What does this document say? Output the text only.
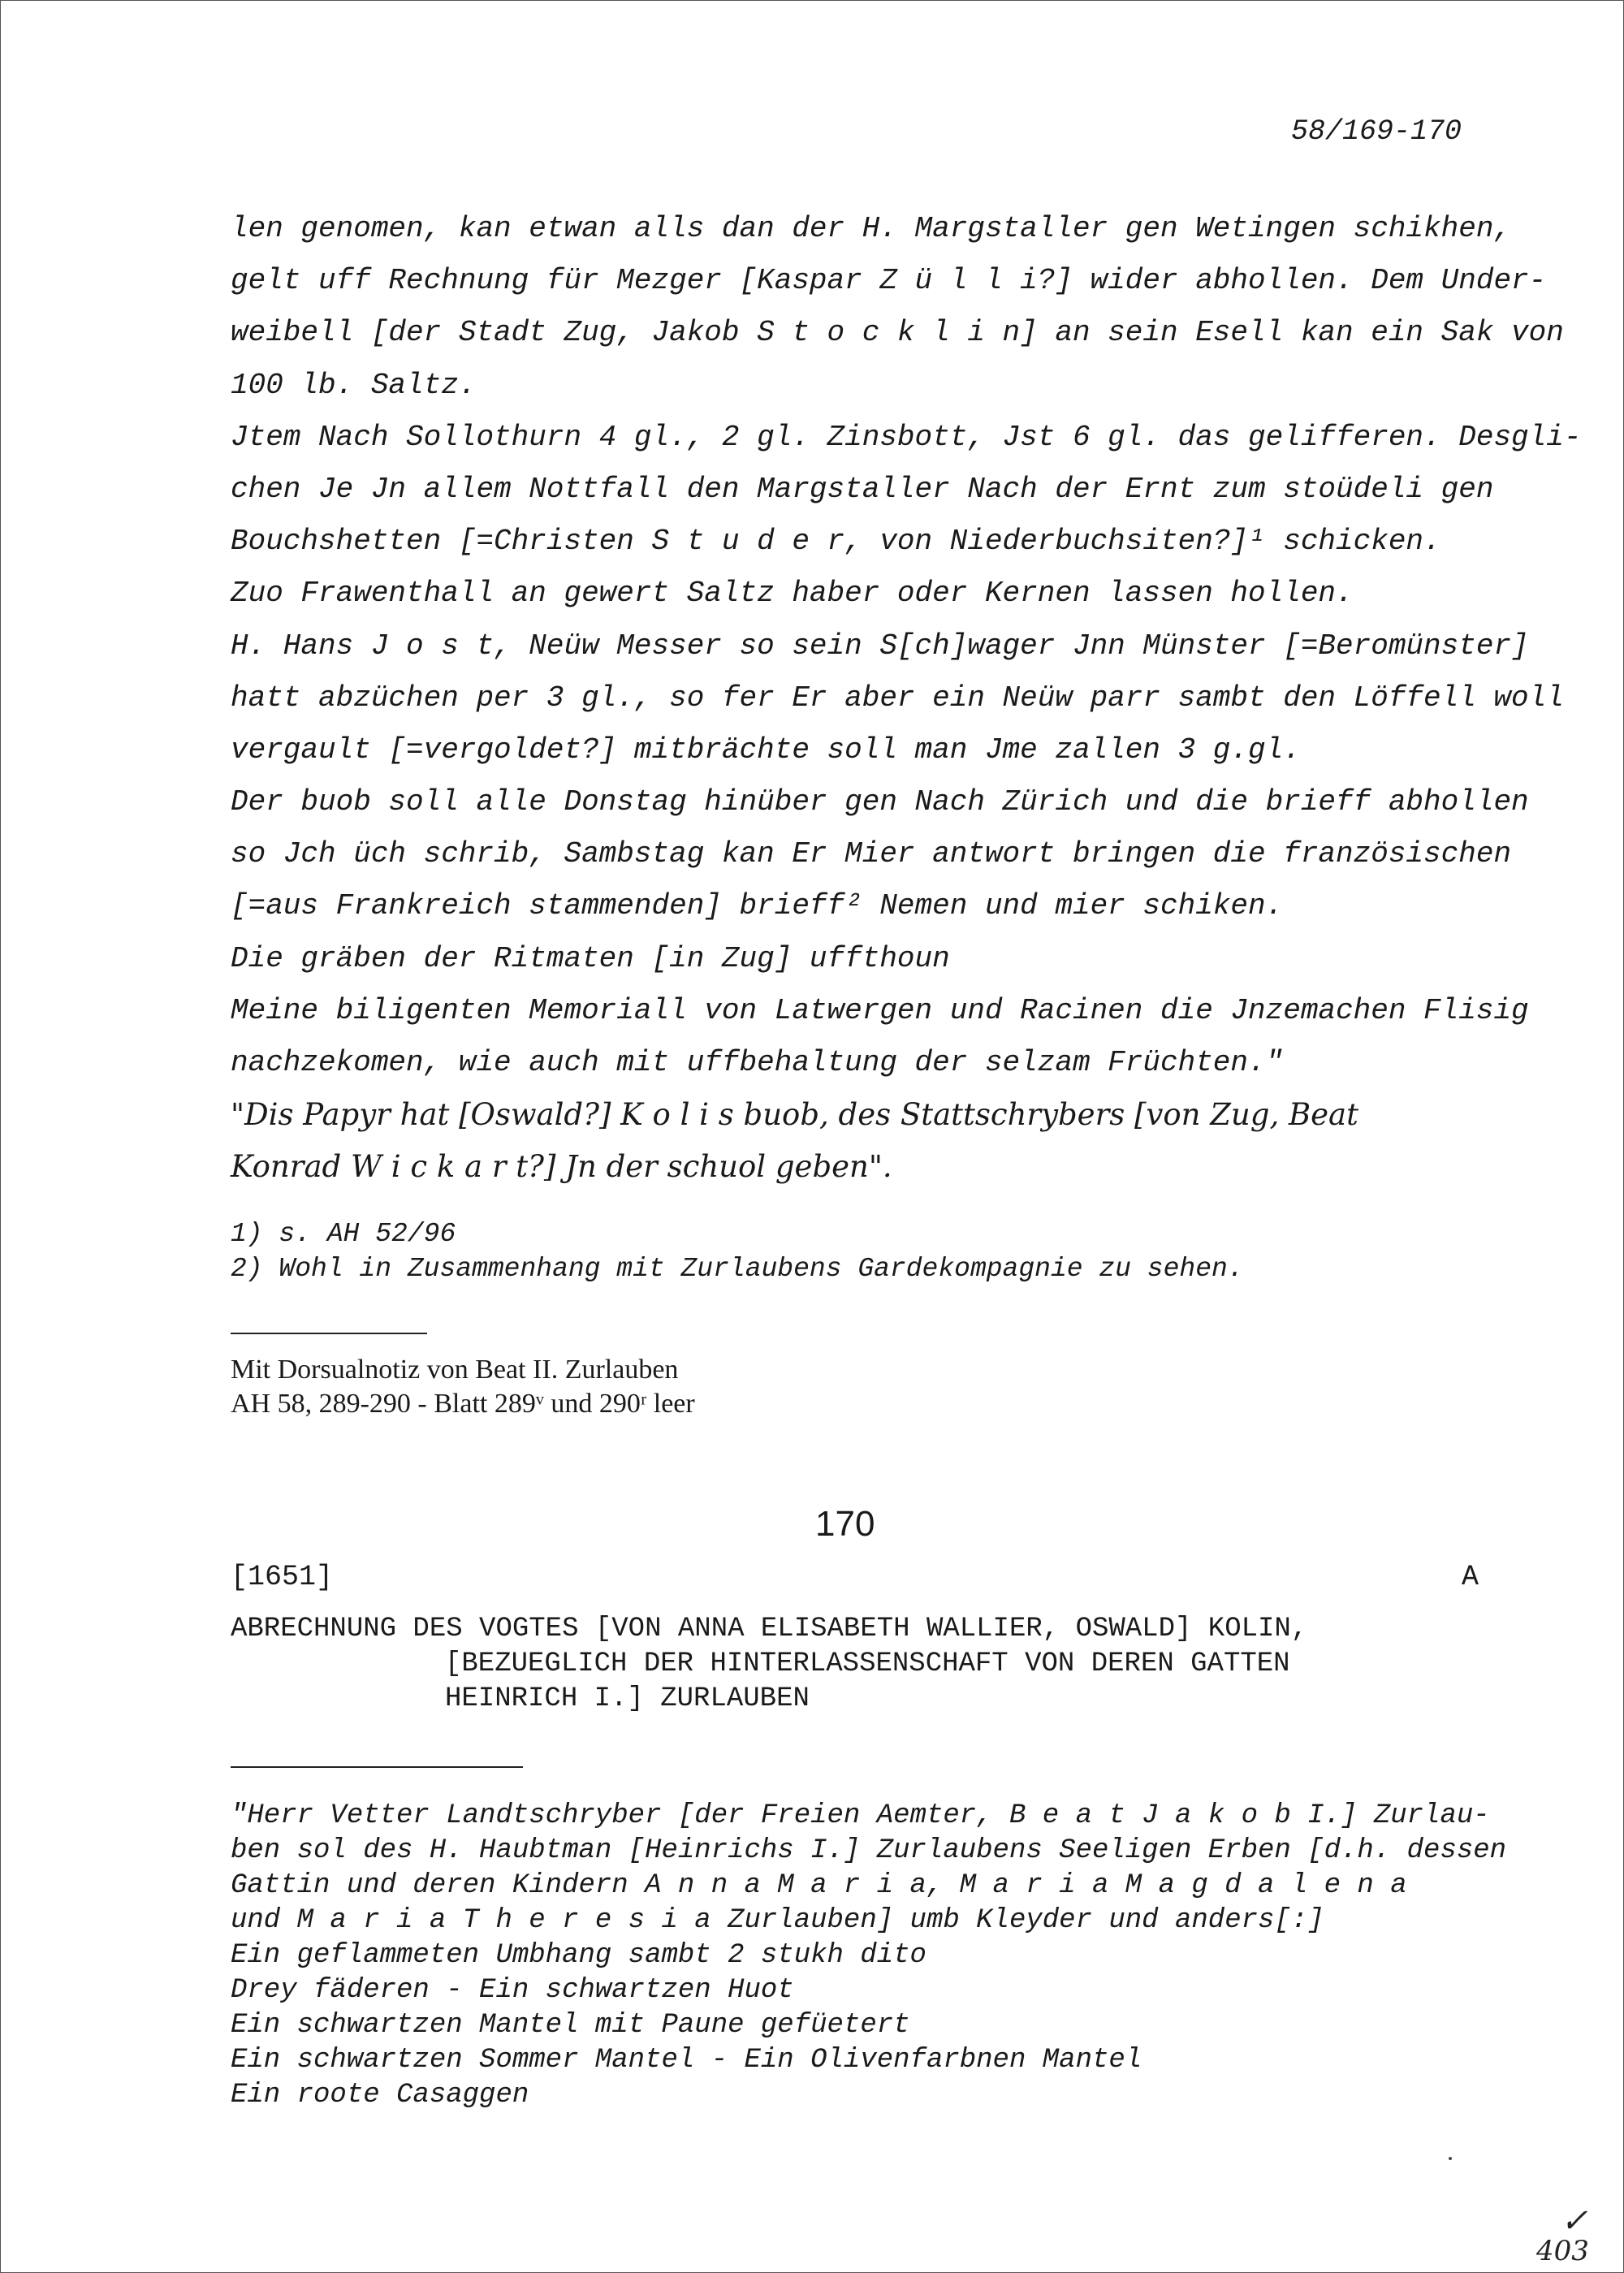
58/169-170
len genomen, kan etwan alls dan der H. Margstaller gen Wetingen schikhen,
gelt uff Rechnung für Mezger [Kaspar Z ü l l i?] wider abhollen. Dem Under-
weibell [der Stadt Zug, Jakob S t o c k l i n] an sein Esell kan ein Sak von
100 lb. Saltz.
Jtem Nach Sollothurn 4 gl., 2 gl. Zinsbott, Jst 6 gl. das gelifferen. Desgli-
chen Je Jn allem Nottfall den Margstaller Nach der Ernt zum stoüdeli gen
Bouchshetten [=Christen S t u d e r, von Niederbuchsiten?]¹ schicken.
Zuo Frawenthall an gewert Saltz haber oder Kernen lassen hollen.
H. Hans J o s t, Neüw Messer so sein S[ch]wager Jnn Münster [=Beromünster]
hatt abzüchen per 3 gl., so fer Er aber ein Neüw parr sambt den Löffell woll
vergault [=vergoldet?] mitbrächte soll man Jme zallen 3 g.gl.
Der buob soll alle Donstag hinüber gen Nach Zürich und die brieff abhollen
so Jch üch schrib, Sambstag kan Er Mier antwort bringen die französischen
[=aus Frankreich stammenden] brieff² Nemen und mier schiken.
Die gräben der Ritmaten [in Zug] uffthoun
Meine biligenten Memoriall von Latwergen und Racinen die Jnzemachen Flisig
nachzekomen, wie auch mit uffbehaltung der selzam Früchten."
"Dis Papyr hat [Oswald?] K o l i s buob, des Stattschrybers [von Zug, Beat
Konrad W i c k a r t?] Jn der schuol geben".
1) s. AH 52/96
2) Wohl in Zusammenhang mit Zurlaubens Gardekompagnie zu sehen.
Mit Dorsualnotiz von Beat II. Zurlauben
AH 58, 289-290 - Blatt 289ᵛ und 290ʳ leer
170
[1651]	A
ABRECHNUNG DES VOGTES [VON ANNA ELISABETH WALLIER, OSWALD] KOLIN,
[BEZUEGLICH DER HINTERLASSENSCHAFT VON DEREN GATTEN
HEINRICH I.] ZURLAUBEN
"Herr Vetter Landtschryber [der Freien Aemter, B e a t J a k o b I.] Zurlau-
ben sol des H. Haubtman [Heinrichs I.] Zurlaubens Seeligen Erben [d.h. dessen
Gattin und deren Kindern A n n a M a r i a, M a r i a M a g d a l e n a
und M a r i a T h e r e s i a Zurlauben] umb Kleyder und anders[:]
Ein geflammeten Umbhang sambt 2 stukh dito
Drey fäderen - Ein schwartzen Huot
Ein schwartzen Mantel mit Paune gefüetert
Ein schwartzen Sommer Mantel - Ein Olivenfarbnen Mantel
Ein roote Casaggen
✓
403
